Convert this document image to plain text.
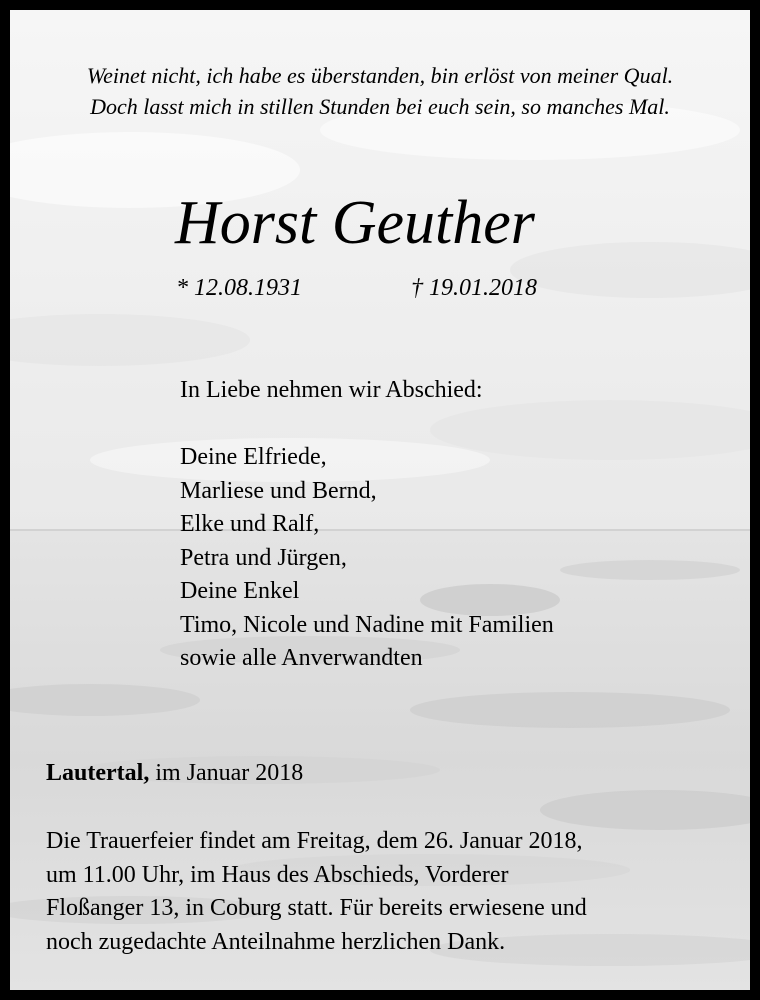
Weinet nicht, ich habe es überstanden, bin erlöst von meiner Qual.
Doch lasst mich in stillen Stunden bei euch sein, so manches Mal.
Horst Geuther
* 12.08.1931	† 19.01.2018
In Liebe nehmen wir Abschied:
Deine Elfriede,
Marliese und Bernd,
Elke und Ralf,
Petra und Jürgen,
Deine Enkel
Timo, Nicole und Nadine mit Familien
sowie alle Anverwandten
Lautertal, im Januar 2018
Die Trauerfeier findet am Freitag, dem 26. Januar 2018,
um 11.00 Uhr, im Haus des Abschieds, Vorderer
Floßanger 13, in Coburg statt. Für bereits erwiesene und
noch zugedachte Anteilnahme herzlichen Dank.
